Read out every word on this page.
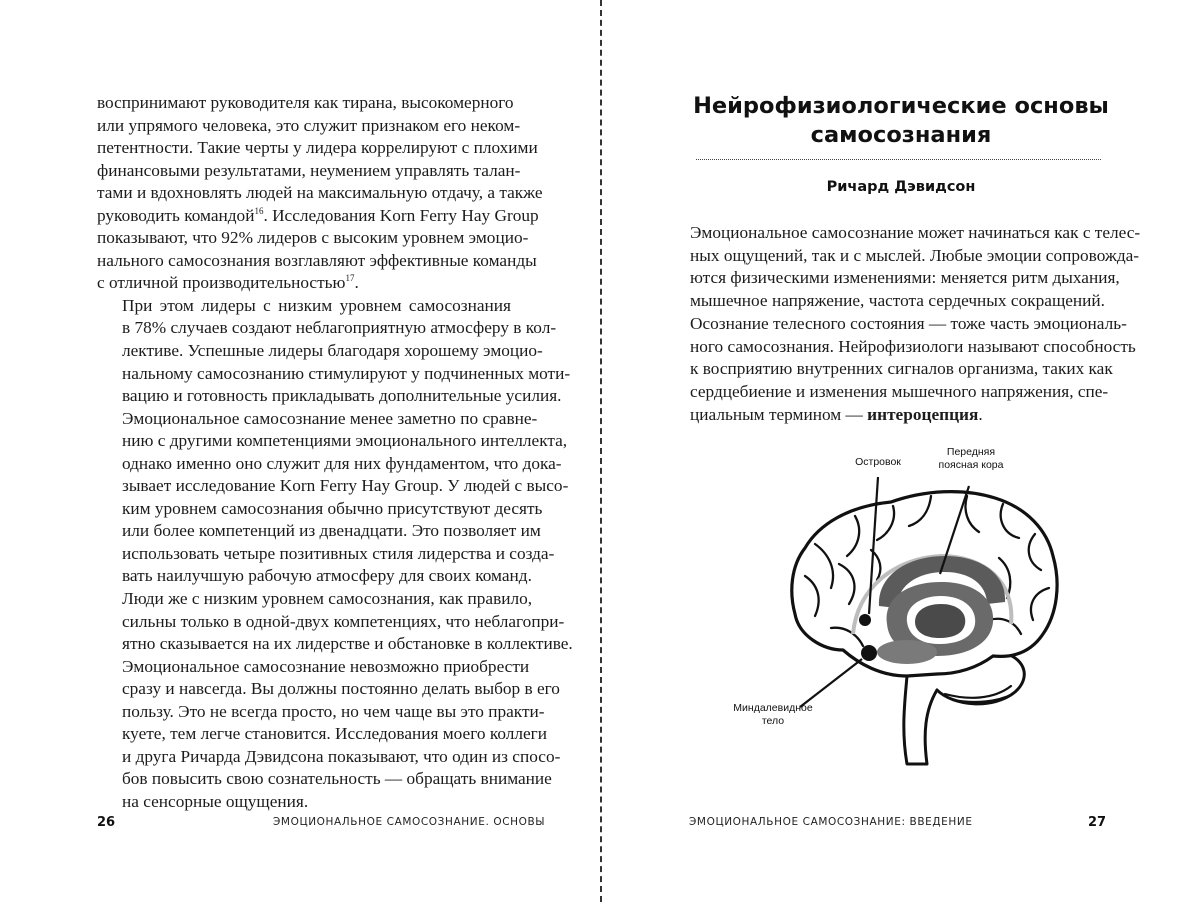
воспринимают руководителя как тирана, высокомерного
или упрямого человека, это служит признаком его неком-
петентности. Такие черты у лидера коррелируют с плохими
финансовыми результатами, неумением управлять талан-
тами и вдохновлять людей на максимальную отдачу, а также
руководить командой$^{16}$. Исследования Korn Ferry Hay Group
показывают, что 92% лидеров с высоким уровнем эмоцио-
нального самосознания возглавляют эффективные команды
с отличной производительностью$^{17}$.

При этом лидеры с низким уровнем самосознания
в 78% случаев создают неблагоприятную атмосферу в кол-
лективе. Успешные лидеры благодаря хорошему эмоцио-
нальному самосознанию стимулируют у подчиненных моти-
вацию и готовность прикладывать дополнительные усилия.

Эмоциональное самосознание менее заметно по сравне-
нию с другими компетенциями эмоционального интеллекта,
однако именно оно служит для них фундаментом, что дока-
зывает исследование Korn Ferry Hay Group. У людей с высо-
ким уровнем самосознания обычно присутствуют десять
или более компетенций из двенадцати. Это позволяет им
использовать четыре позитивных стиля лидерства и созда-
вать наилучшую рабочую атмосферу для своих команд.
Люди же с низким уровнем самосознания, как правило,
сильны только в одной-двух компетенциях, что неблагопри-
ятно сказывается на их лидерстве и обстановке в коллективе.

Эмоциональное самосознание невозможно приобрести
сразу и навсегда. Вы должны постоянно делать выбор в его
пользу. Это не всегда просто, но чем чаще вы это практи-
куете, тем легче становится. Исследования моего коллеги
и друга Ричарда Дэвидсона показывают, что один из спосо-
бов повысить свою сознательность — обращать внимание
на сенсорные ощущения.

26	ЭМОЦИОНАЛЬНОЕ САМОСОЗНАНИЕ. ОСНОВЫ
Нейрофизиологические основы
самосознания
Ричард Дэвидсон

Эмоциональное самосознание может начинаться как с телес-
ных ощущений, так и с мыслей. Любые эмоции сопровожда-
ются физическими изменениями: меняется ритм дыхания,
мышечное напряжение, частота сердечных сокращений.
Осознание телесного состояния — тоже часть эмоциональ-
ного самосознания. Нейрофизиологи называют способность
к восприятию внутренних сигналов организма, таких как
сердцебиение и изменения мышечного напряжения, спе-
циальным термином — интероцепция.

Островок
Передняя
поясная кора
Миндалевидное
тело
ЭМОЦИОНАЛЬНОЕ САМОСОЗНАНИЕ: ВВЕДЕНИЕ	27
